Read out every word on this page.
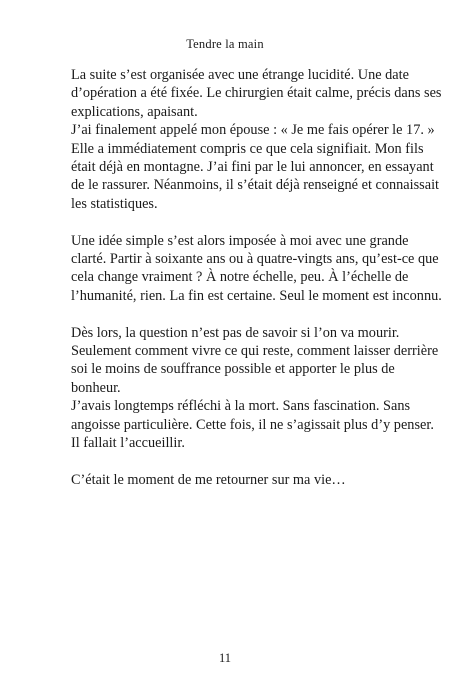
Tendre la main
La suite s’est organisée avec une étrange lucidité. Une date
d’opération a été fixée. Le chirurgien était calme, précis dans ses
explications, apaisant.
J’ai finalement appelé mon épouse : « Je me fais opérer le 17. »
Elle a immédiatement compris ce que cela signifiait. Mon fils
était déjà en montagne. J’ai fini par le lui annoncer, en essayant
de le rassurer. Néanmoins, il s’était déjà renseigné et connaissait
les statistiques.
Une idée simple s’est alors imposée à moi avec une grande
clarté. Partir à soixante ans ou à quatre-vingts ans, qu’est-ce que
cela change vraiment ? À notre échelle, peu. À l’échelle de
l’humanité, rien. La fin est certaine. Seul le moment est inconnu.
Dès lors, la question n’est pas de savoir si l’on va mourir.
Seulement comment vivre ce qui reste, comment laisser derrière
soi le moins de souffrance possible et apporter le plus de
bonheur.
J’avais longtemps réfléchi à la mort. Sans fascination. Sans
angoisse particulière. Cette fois, il ne s’agissait plus d’y penser.
Il fallait l’accueillir.
C’était le moment de me retourner sur ma vie…
11
